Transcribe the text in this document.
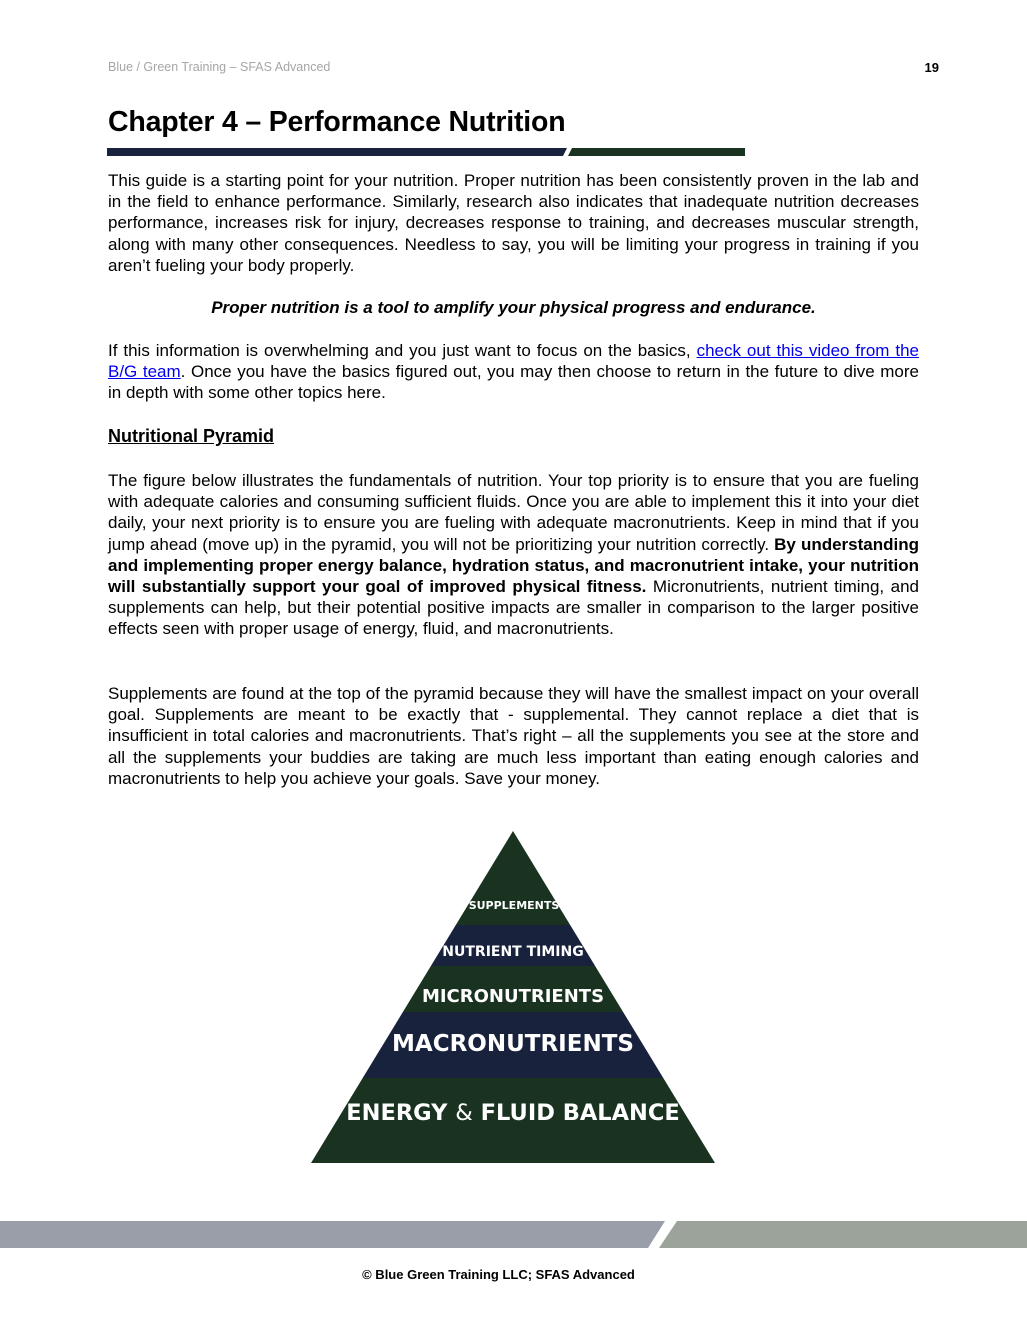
Blue / Green Training – SFAS Advanced	19
Chapter 4 – Performance Nutrition

This guide is a starting point for your nutrition. Proper nutrition has been consistently proven in the lab and in the field to enhance performance. Similarly, research also indicates that inadequate nutrition decreases performance, increases risk for injury, decreases response to training, and decreases muscular strength, along with many other consequences. Needless to say, you will be limiting your progress in training if you aren’t fueling your body properly.

Proper nutrition is a tool to amplify your physical progress and endurance.

If this information is overwhelming and you just want to focus on the basics, check out this video from the B/G team. Once you have the basics figured out, you may then choose to return in the future to dive more in depth with some other topics here.

Nutritional Pyramid

The figure below illustrates the fundamentals of nutrition. Your top priority is to ensure that you are fueling with adequate calories and consuming sufficient fluids. Once you are able to implement this it into your diet daily, your next priority is to ensure you are fueling with adequate macronutrients. Keep in mind that if you jump ahead (move up) in the pyramid, you will not be prioritizing your nutrition correctly. By understanding and implementing proper energy balance, hydration status, and macronutrient intake, your nutrition will substantially support your goal of improved physical fitness. Micronutrients, nutrient timing, and supplements can help, but their potential positive impacts are smaller in comparison to the larger positive effects seen with proper usage of energy, fluid, and macronutrients.

Supplements are found at the top of the pyramid because they will have the smallest impact on your overall goal. Supplements are meant to be exactly that - supplemental. They cannot replace a diet that is insufficient in total calories and macronutrients. That’s right – all the supplements you see at the store and all the supplements your buddies are taking are much less important than eating enough calories and macronutrients to help you achieve your goals. Save your money.

SUPPLEMENTS
NUTRIENT TIMING
MICRONUTRIENTS
MACRONUTRIENTS
ENERGY & FLUID BALANCE
© Blue Green Training LLC; SFAS Advanced
